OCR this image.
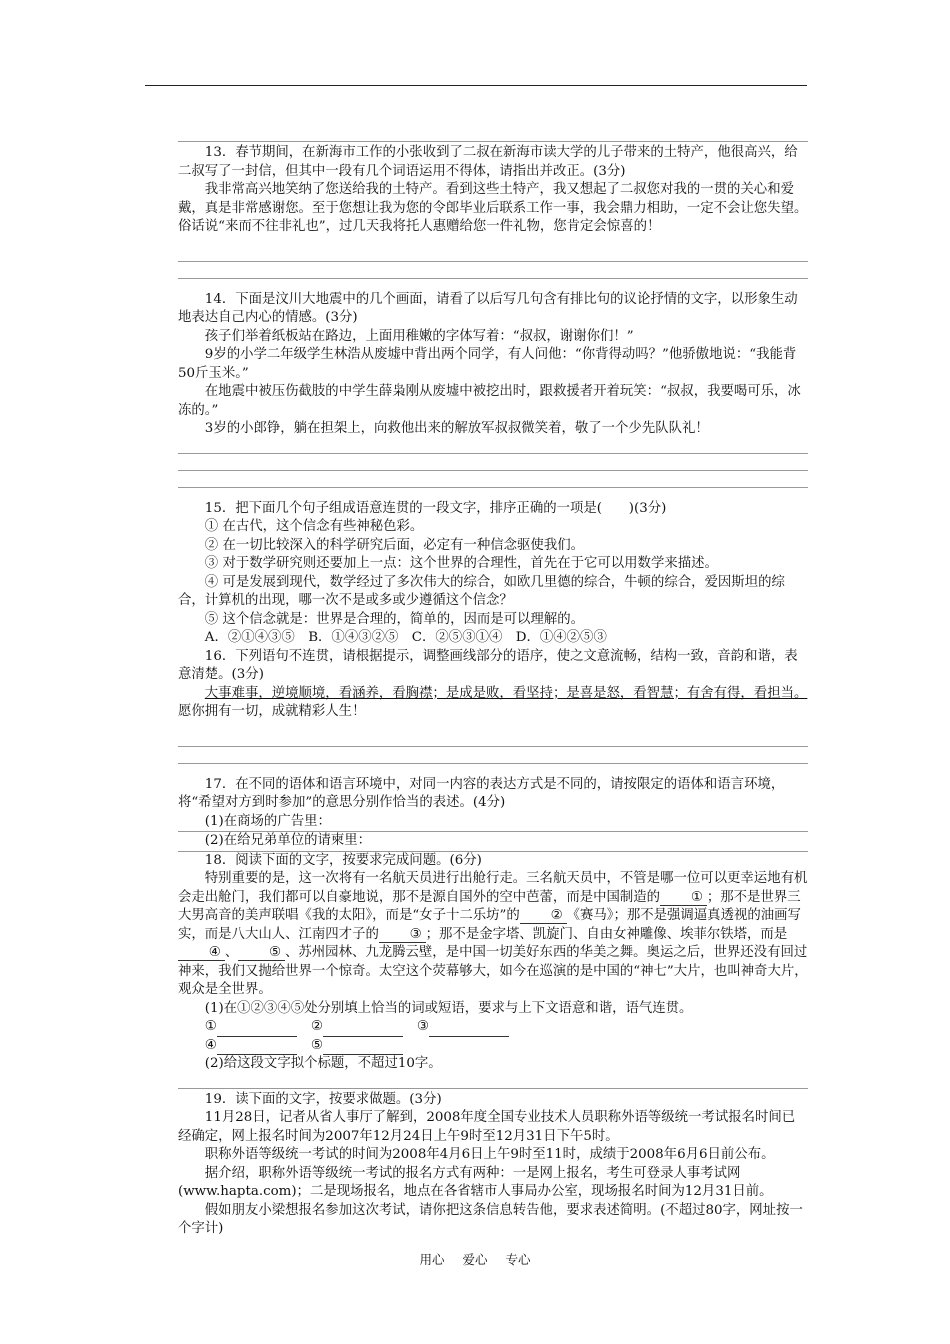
13．春节期间，在新海市工作的小张收到了二叔在新海市读大学的儿子带来的土特产，他很高兴，给二叔写了一封信，但其中一段有几个词语运用不得体，请指出并改正。(3分)

我非常高兴地笑纳了您送给我的土特产。看到这些土特产，我又想起了二叔您对我的一贯的关心和爱戴，真是非常感谢您。至于您想让我为您的令郎毕业后联系工作一事，我会鼎力相助，一定不会让您失望。俗话说“来而不往非礼也”，过几天我将托人惠赠给您一件礼物，您肯定会惊喜的！

14．下面是汶川大地震中的几个画面，请看了以后写几句含有排比句的议论抒情的文字，以形象生动地表达自己内心的情感。(3分)

孩子们举着纸板站在路边，上面用稚嫩的字体写着：“叔叔，谢谢你们！”

9岁的小学二年级学生林浩从废墟中背出两个同学，有人问他：“你背得动吗？”他骄傲地说：“我能背50斤玉米。”

在地震中被压伤截肢的中学生薛枭刚从废墟中被挖出时，跟救援者开着玩笑：“叔叔，我要喝可乐，冰冻的。”

3岁的小郎铮，躺在担架上，向救他出来的解放军叔叔微笑着，敬了一个少先队队礼！

15．把下面几个句子组成语意连贯的一段文字，排序正确的一项是(　　)(3分)

① 在古代，这个信念有些神秘色彩。

② 在一切比较深入的科学研究后面，必定有一种信念驱使我们。

③ 对于数学研究则还要加上一点：这个世界的合理性，首先在于它可以用数学来描述。

④ 可是发展到现代，数学经过了多次伟大的综合，如欧几里德的综合，牛顿的综合，爱因斯坦的综合，计算机的出现，哪一次不是或多或少遵循这个信念？

⑤ 这个信念就是：世界是合理的，简单的，因而是可以理解的。

A．②①④③⑤　B．①④③②⑤　C．②⑤③①④　D．①④②⑤③

16．下列语句不连贯，请根据提示，调整画线部分的语序，使之文意流畅，结构一致，音韵和谐，表意清楚。(3分)

大事难事，逆境顺境，看涵养，看胸襟；是成是败，看坚持；是喜是怒，看智慧；有舍有得，看担当。愿你拥有一切，成就精彩人生！

17．在不同的语体和语言环境中，对同一内容的表达方式是不同的，请按限定的语体和语言环境，将“希望对方到时参加”的意思分别作恰当的表述。(4分)

(1)在商场的广告里：

(2)在给兄弟单位的请柬里：

18．阅读下面的文字，按要求完成问题。(6分)

特别重要的是，这一次将有一名航天员进行出舱行走。三名航天员中，不管是哪一位可以更幸运地有机会走出舱门，我们都可以自豪地说，那不是源自国外的空中芭蕾，而是中国制造的 ① ；那不是世界三大男高音的美声联唱《我的太阳》，而是“女子十二乐坊”的 ② 《赛马》；那不是强调逼真透视的油画写实，而是八大山人、江南四才子的 ③ ；那不是金字塔、凯旋门、自由女神雕像、埃菲尔铁塔，而是④ 、 ⑤ 、苏州园林、九龙腾云壁，是中国一切美好东西的华美之舞。奥运之后，世界还没有回过神来，我们又抛给世界一个惊奇。太空这个荧幕够大，如今在巡演的是中国的“神七”大片，也叫神奇大片，观众是全世界。

(1)在①②③④⑤处分别填上恰当的词或短语，要求与上下文语意和谐，语气连贯。

①	②	③

④	⑤

(2)给这段文字拟个标题，不超过10字。

19．读下面的文字，按要求做题。(3分)

11月28日，记者从省人事厅了解到，2008年度全国专业技术人员职称外语等级统一考试报名时间已经确定，网上报名时间为2007年12月24日上午9时至12月31日下午5时。

职称外语等级统一考试的时间为2008年4月6日上午9时至11时，成绩于2008年6月6日前公布。

据介绍，职称外语等级统一考试的报名方式有两种：一是网上报名，考生可登录人事考试网(www.hapta.com)；二是现场报名，地点在各省辖市人事局办公室，现场报名时间为12月31日前。

假如朋友小梁想报名参加这次考试，请你把这条信息转告他，要求表述简明。(不超过80字，网址按一个字计)

用心 爱心 专心
